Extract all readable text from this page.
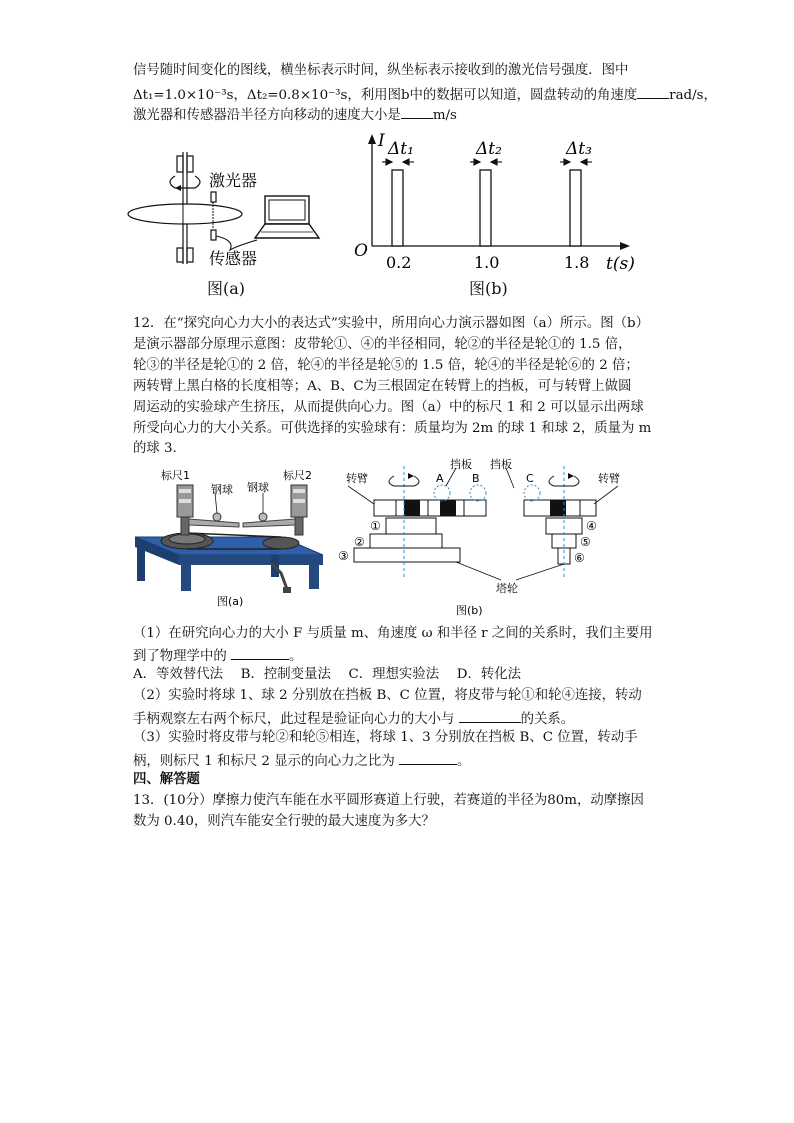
信号随时间变化的图线，横坐标表示时间，纵坐标表示接收到的激光信号强度．图中
Δt₁=1.0×10⁻³s，Δt₂=0.8×10⁻³s，利用图b中的数据可以知道，圆盘转动的角速度 rad/s，
激光器和传感器沿半径方向移动的速度大小是 m/s
激光器
传感器
图(a)
I
O
Δt₁	Δt₂	Δt₃
0.2	1.0	1.8 t(s)
图(b)
12．在“探究向心力大小的表达式”实验中，所用向心力演示器如图（a）所示。图（b）
是演示器部分原理示意图：皮带轮①、④的半径相同，轮②的半径是轮①的 1.5 倍，
轮③的半径是轮①的 2 倍，轮④的半径是轮⑤的 1.5 倍，轮④的半径是轮⑥的 2 倍；
两转臂上黑白格的长度相等；A、B、C为三根固定在转臂上的挡板，可与转臂上做圆
周运动的实验球产生挤压，从而提供向心力。图（a）中的标尺 1 和 2 可以显示出两球
所受向心力的大小关系。可供选择的实验球有：质量均为 2m 的球 1 和球 2，质量为 m
的球 3.
标尺1	标尺2
钢球 钢球
图(a)
转臂	转臂
挡板 挡板
A	B	C
①
②
③
④
⑤
⑥
塔轮
图(b)
（1）在研究向心力的大小 F 与质量 m、角速度 ω 和半径 r 之间的关系时，我们主要用
到了物理学中的	。
A．等效替代法　 B．控制变量法　 C．理想实验法　 D．转化法
（2）实验时将球 1、球 2 分别放在挡板 B、C 位置，将皮带与轮①和轮④连接，转动
手柄观察左右两个标尺，此过程是验证向心力的大小与	的关系。
（3）实验时将皮带与轮②和轮⑤相连，将球 1、3 分别放在挡板 B、C 位置，转动手
柄，则标尺 1 和标尺 2 显示的向心力之比为	。
四、解答题
13．(10分）摩擦力使汽车能在水平圆形赛道上行驶，若赛道的半径为80m，动摩擦因
数为 0.40，则汽车能安全行驶的最大速度为多大？
